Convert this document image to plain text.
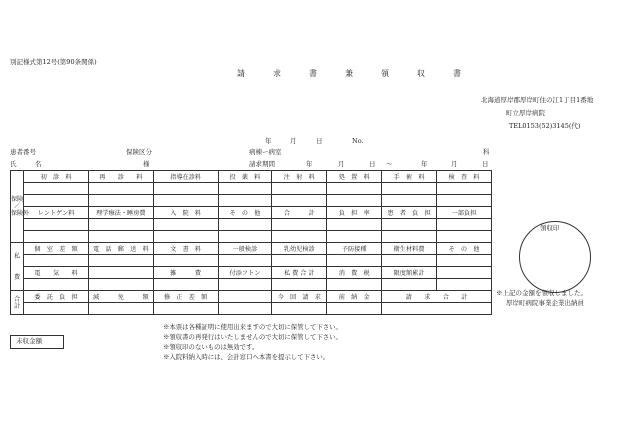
別記様式第12号(第90条関係)
請　求　書　兼　領　収　書
北海道厚岸郡厚岸町住の江1丁目1番地
町立厚岸病院
TEL0153(52)3145(代)
年	月	日	No.
患者番号	保険区分	病棟ー病室	科
氏	名	様	請求期間	年	月	日 〜	年	月	日
保険
／
保険外	初　診　料	再　　診　　料	指導在診料	投　薬　料	注　射　料	処　置　料	手　術　料	検　査　料

	レントゲン料	理学療法・睡房費	入　院　料	そ　の　他	合　　　計	負　担　率	患　者　負　担	一部負担

私
費	個　室　差　額	電　話　郵　送　料	文　書　料	一般検診	乳幼児検診	予防接種	衛生材料費	そ　の　他

	電　　気　　料		雑　　　費	付添フトン	私 費 合 計	消　費　税	限度額累計	

合
計	委　託　負　担	減　　　免　　　額	修　正　差　額		今　回　請　求	前　納　金	請　　求　　合　　計	

領収印
※上記の金額を領収しました。
厚岸町病院事業企業出納員
未収金額
※本票は各種証明に使用出来ますので大切に保管して下さい。
※領収書の再発行はいたしませんので大切に保管して下さい。
※領収印のないものは無効です。
※入院料納入時には、会計窓口へ本書を提示して下さい。
